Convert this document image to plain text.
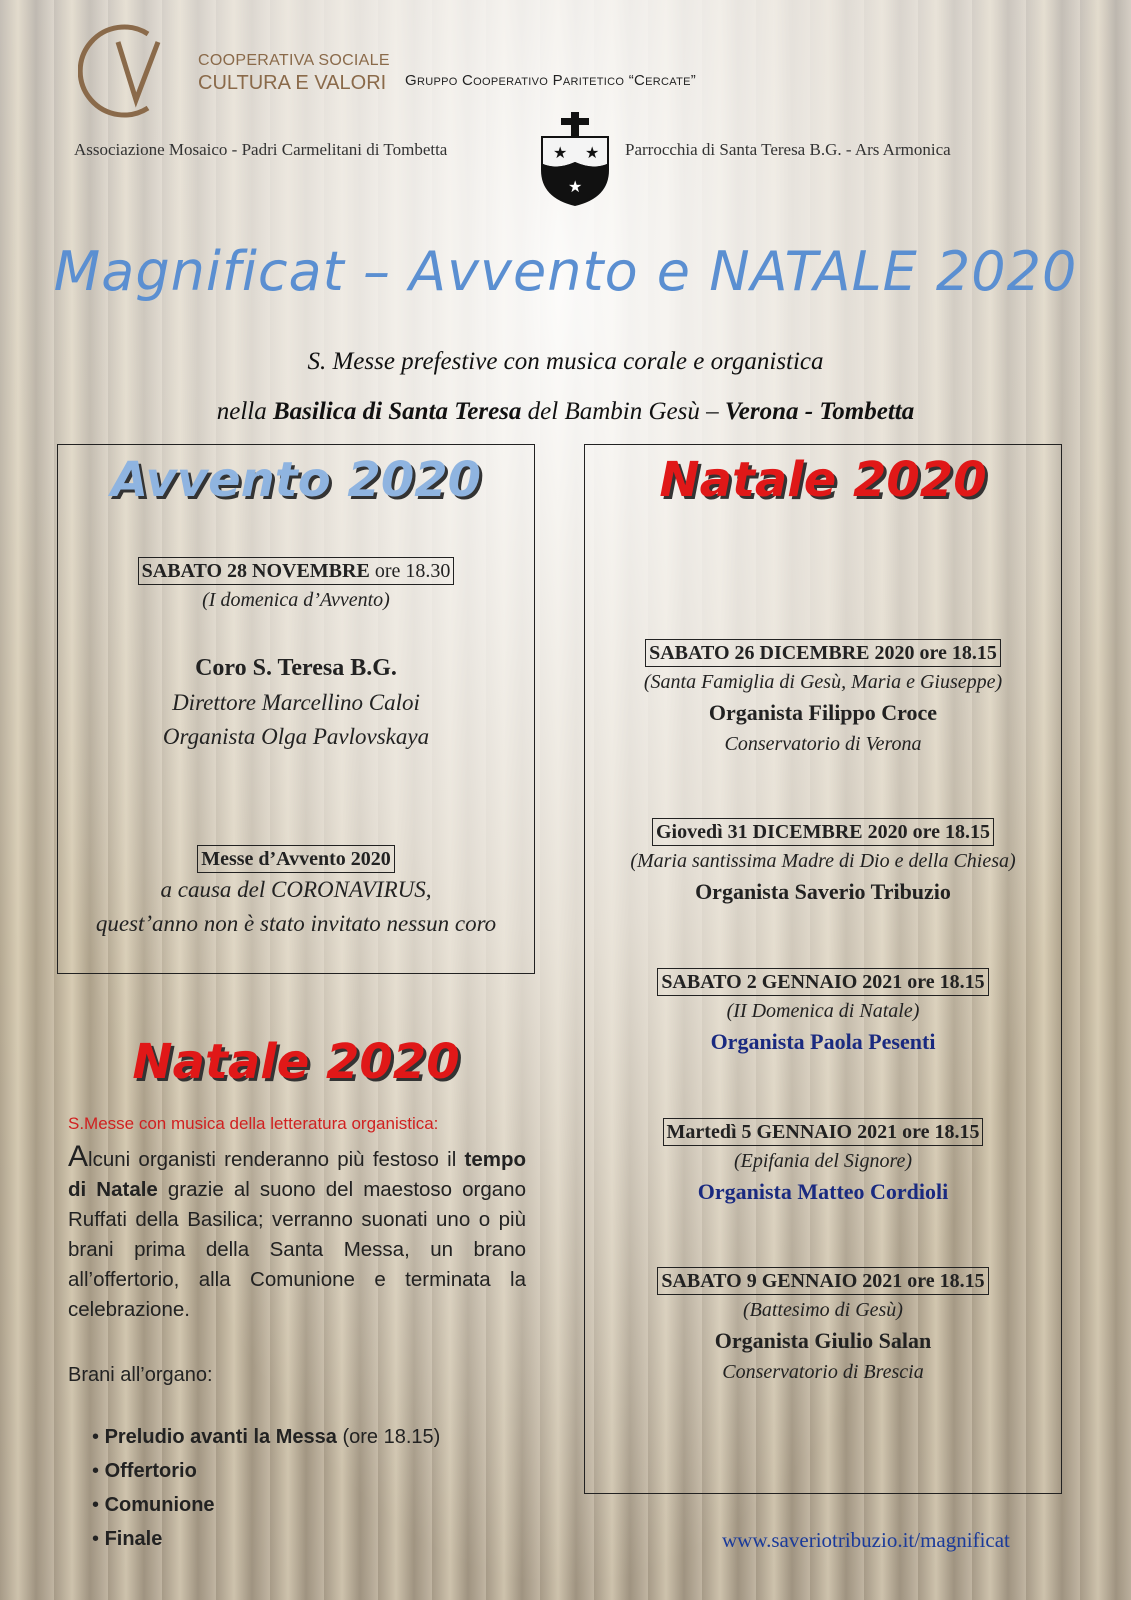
COOPERATIVA SOCIALE
CULTURA E VALORI Gruppo Cooperativo Paritetico “Cercate”
Associazione Mosaico - Padri Carmelitani di Tombetta	Parrocchia di Santa Teresa B.G. - Ars Armonica
★ ★
★
Magnificat – Avvento e NATALE 2020
S. Messe prefestive con musica corale e organistica
nella Basilica di Santa Teresa del Bambin Gesù – Verona - Tombetta
Avvento 2020
SABATO 28 NOVEMBRE ore 18.30
(I domenica d’Avvento)
Coro S. Teresa B.G.
Direttore Marcellino Caloi
Organista Olga Pavlovskaya
Messe d’Avvento 2020
a causa del CORONAVIRUS,
quest’anno non è stato invitato nessun coro
Natale 2020
SABATO 26 DICEMBRE 2020 ore 18.15
(Santa Famiglia di Gesù, Maria e Giuseppe)
Organista Filippo Croce
Conservatorio di Verona
Giovedì 31 DICEMBRE 2020 ore 18.15
(Maria santissima Madre di Dio e della Chiesa)
Organista Saverio Tribuzio
SABATO 2 GENNAIO 2021 ore 18.15
(II Domenica di Natale)
Organista Paola Pesenti
Martedì 5 GENNAIO 2021 ore 18.15
(Epifania del Signore)
Organista Matteo Cordioli
SABATO 9 GENNAIO 2021 ore 18.15
(Battesimo di Gesù)
Organista Giulio Salan
Conservatorio di Brescia
Natale 2020
S.Messe con musica della letteratura organistica:
Alcuni organisti renderanno più festoso il tempo di Natale grazie al suono del maestoso organo Ruffati della Basilica; verranno suonati uno o più brani prima della Santa Messa, un brano all’offertorio, alla Comunione e terminata la celebrazione.
Brani all’organo:
• Preludio avanti la Messa (ore 18.15)
• Offertorio
• Comunione
• Finale	www.saveriotribuzio.it/magnificat
